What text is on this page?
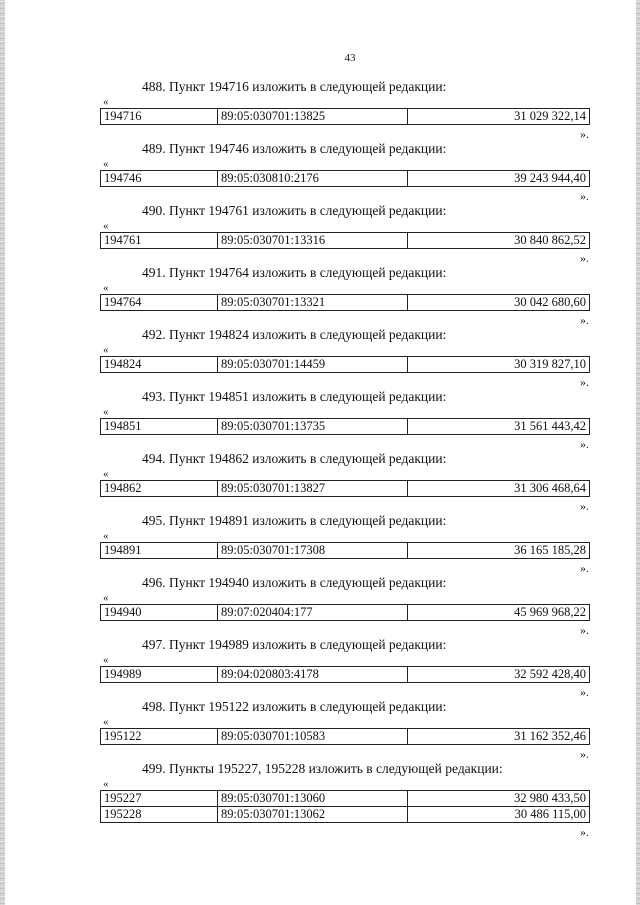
43
488. Пункт 194716 изложить в следующей редакции:
«
194716	89:05:030701:13825	31 029 322,14
».
489. Пункт 194746 изложить в следующей редакции:
«
194746	89:05:030810:2176	39 243 944,40
».
490. Пункт 194761 изложить в следующей редакции:
«
194761	89:05:030701:13316	30 840 862,52
».
491. Пункт 194764 изложить в следующей редакции:
«
194764	89:05:030701:13321	30 042 680,60
».
492. Пункт 194824 изложить в следующей редакции:
«
194824	89:05:030701:14459	30 319 827,10
».
493. Пункт 194851 изложить в следующей редакции:
«
194851	89:05:030701:13735	31 561 443,42
».
494. Пункт 194862 изложить в следующей редакции:
«
194862	89:05:030701:13827	31 306 468,64
».
495. Пункт 194891 изложить в следующей редакции:
«
194891	89:05:030701:17308	36 165 185,28
».
496. Пункт 194940 изложить в следующей редакции:
«
194940	89:07:020404:177	45 969 968,22
».
497. Пункт 194989 изложить в следующей редакции:
«
194989	89:04:020803:4178	32 592 428,40
».
498. Пункт 195122 изложить в следующей редакции:
«
195122	89:05:030701:10583	31 162 352,46
».
499. Пункты 195227, 195228 изложить в следующей редакции:
«
195227	89:05:030701:13060	32 980 433,50
195228	89:05:030701:13062	30 486 115,00
».
